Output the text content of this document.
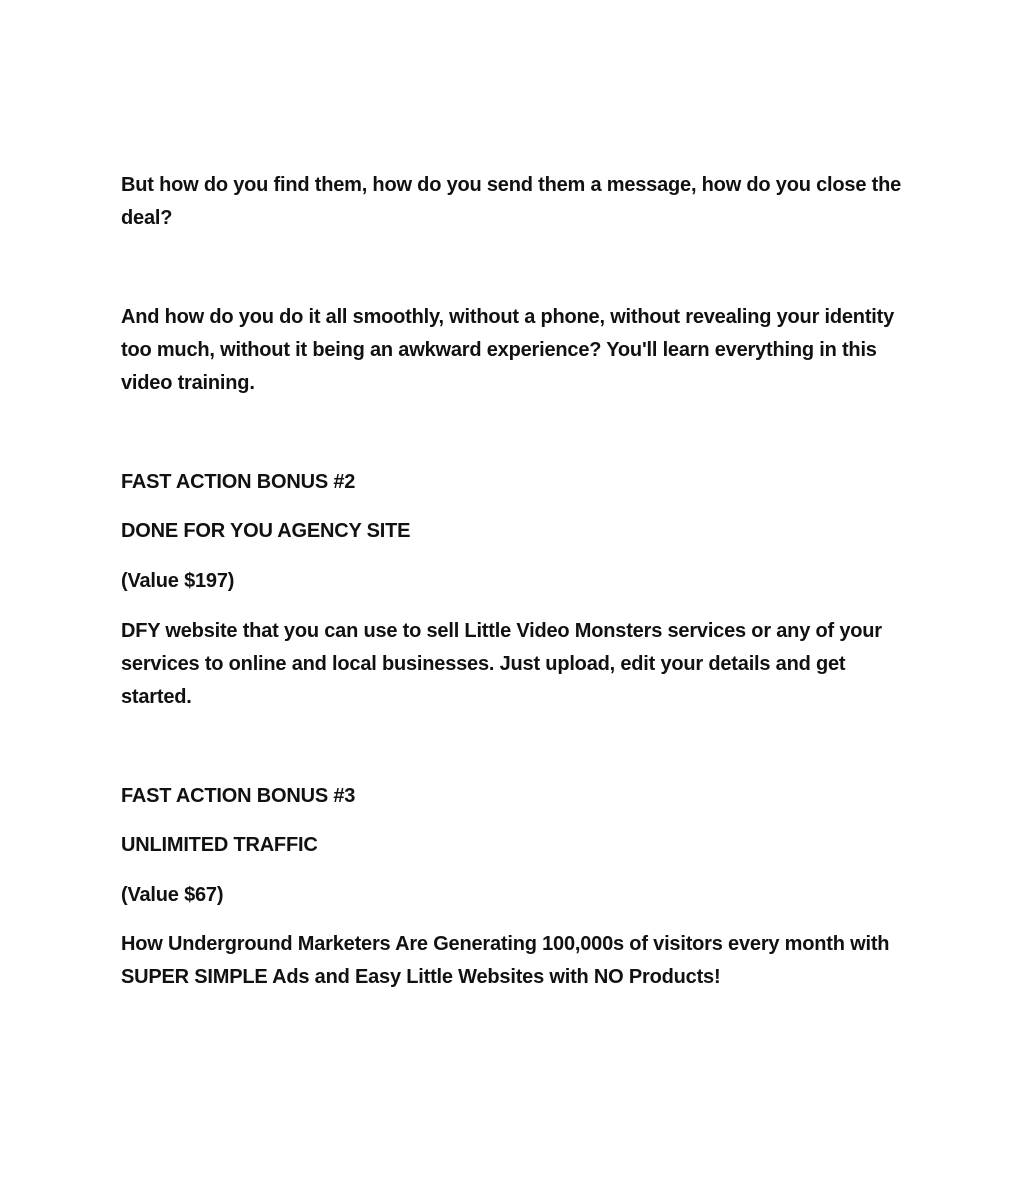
But how do you find them, how do you send them a message, how do you close the deal?

And how do you do it all smoothly, without a phone, without revealing your identity too much, without it being an awkward experience? You'll learn everything in this video training.

FAST ACTION BONUS #2

DONE FOR YOU AGENCY SITE

(Value $197)

DFY website that you can use to sell Little Video Monsters services or any of your services to online and local businesses. Just upload, edit your details and get started.

FAST ACTION BONUS #3

UNLIMITED TRAFFIC

(Value $67)

How Underground Marketers Are Generating 100,000s of visitors every month with SUPER SIMPLE Ads and Easy Little Websites with NO Products!
